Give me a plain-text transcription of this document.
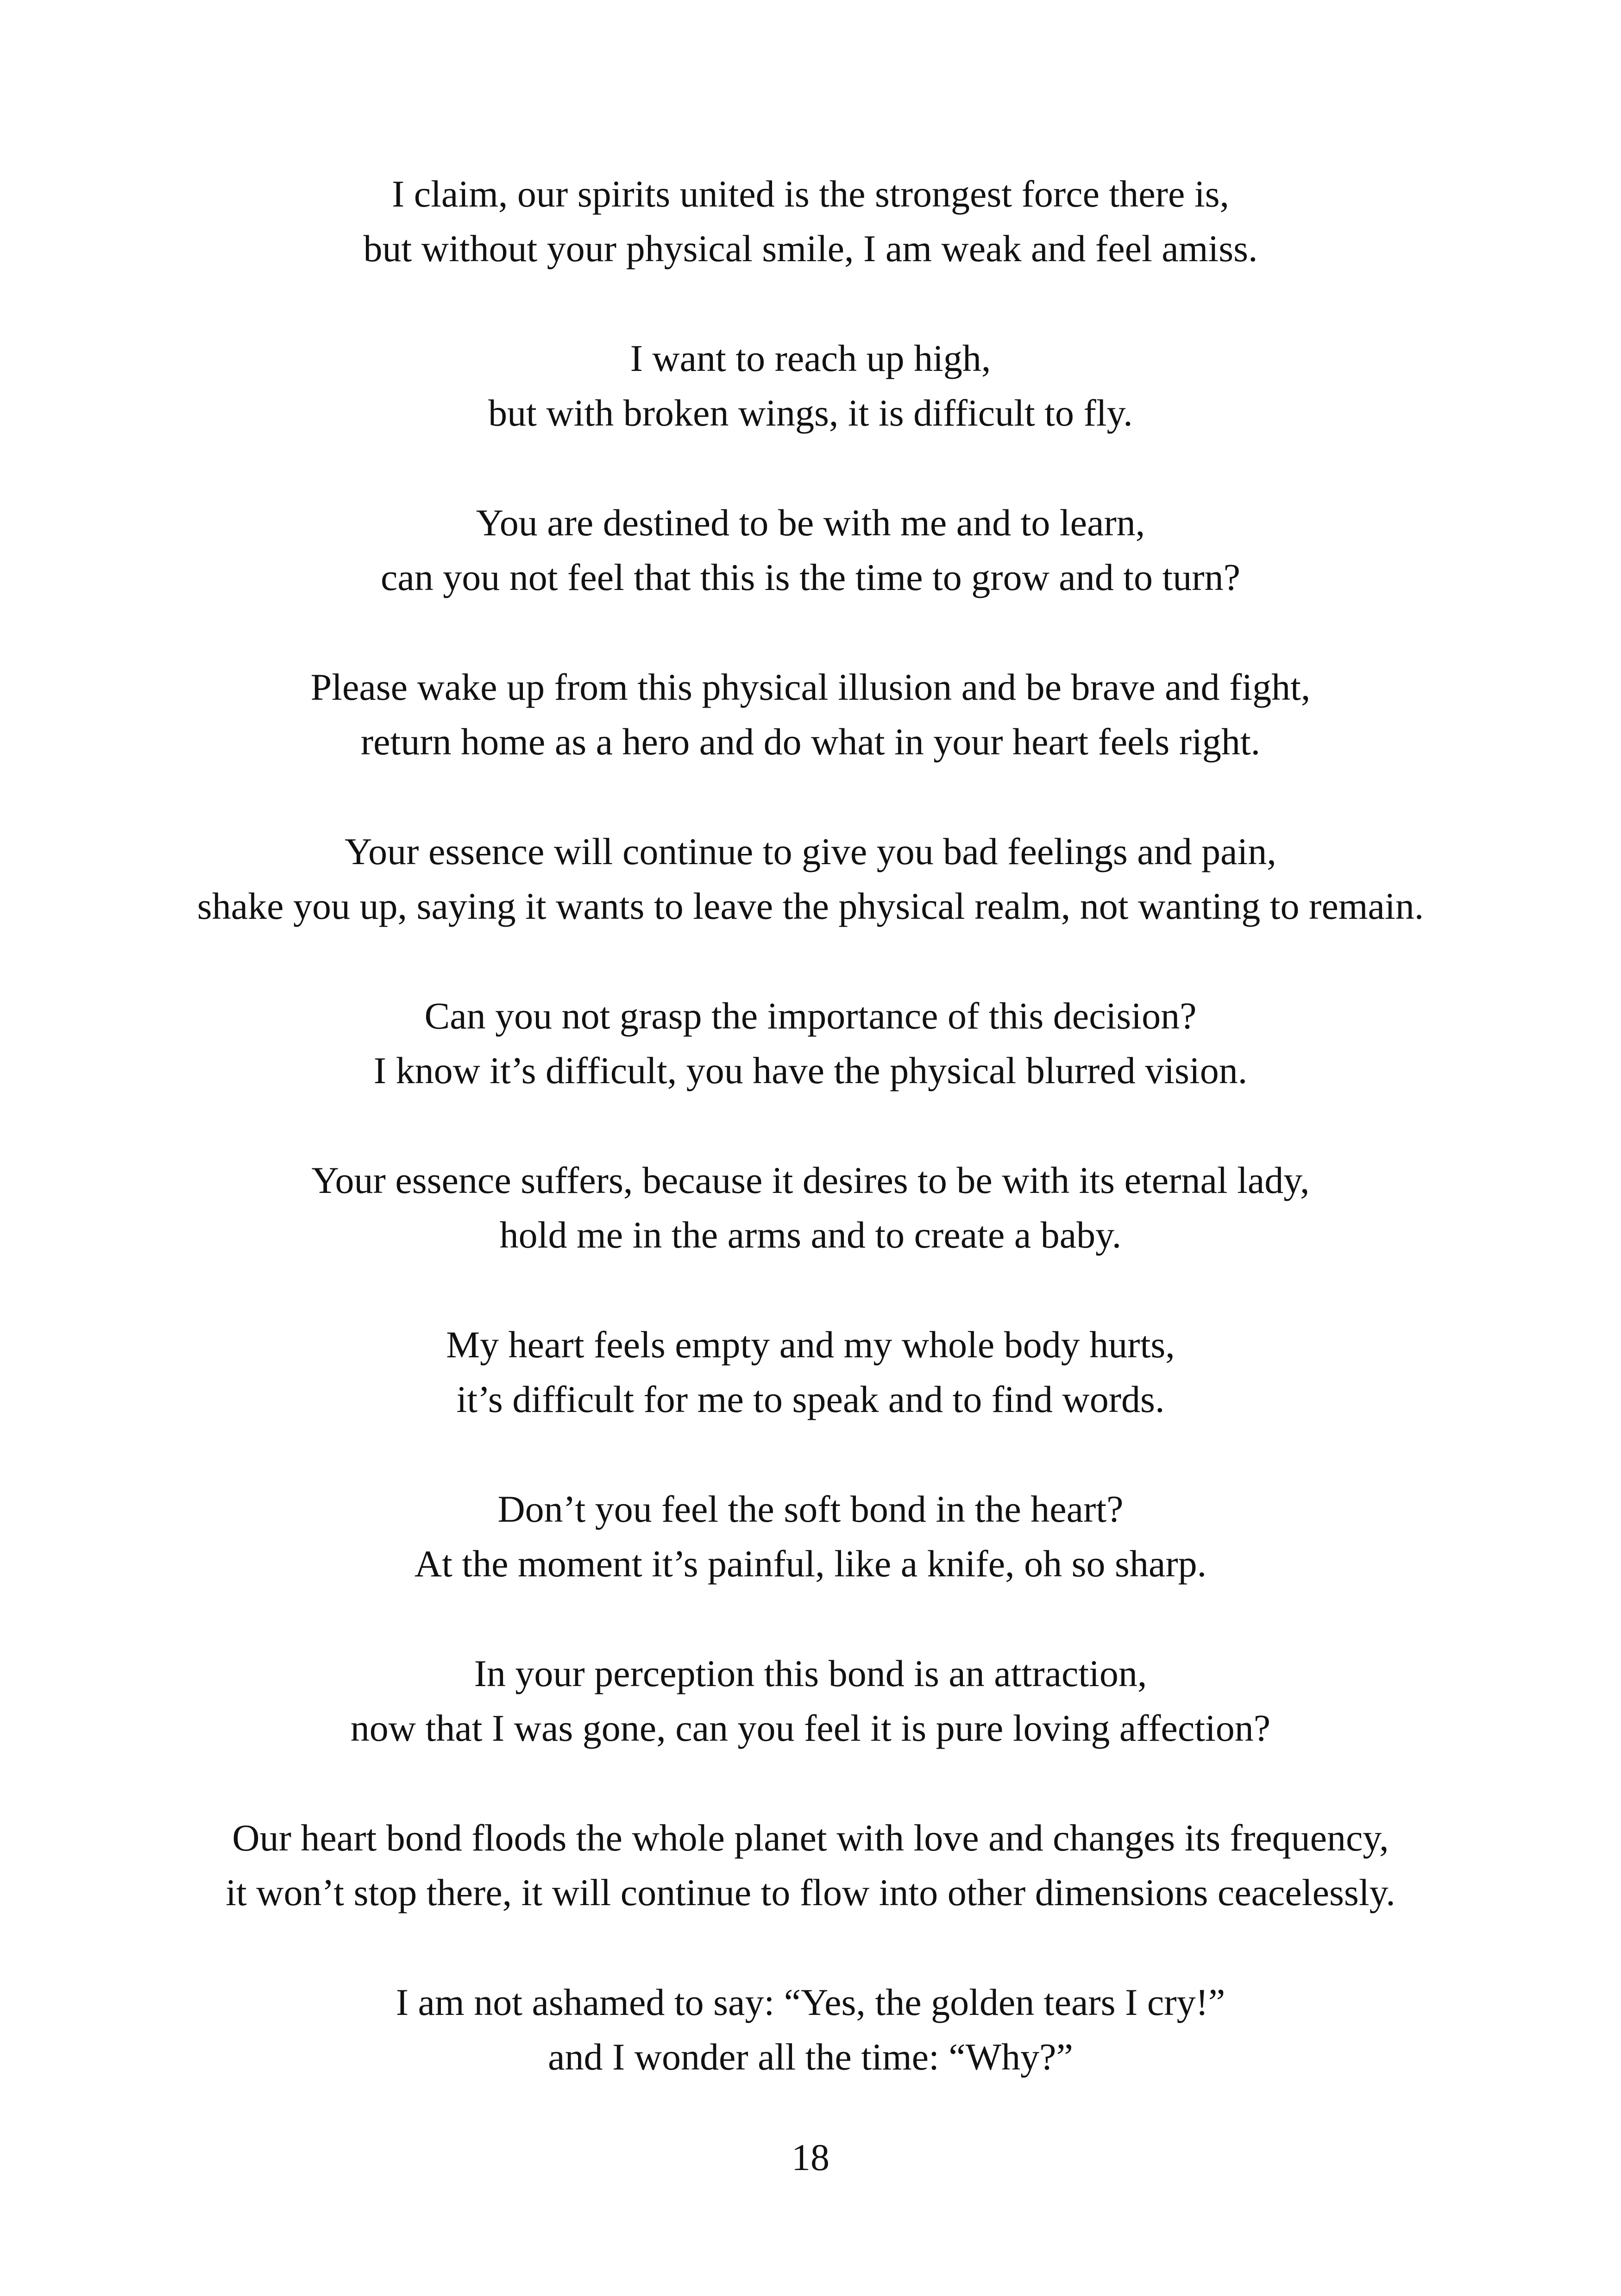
I claim, our spirits united is the strongest force there is,
but without your physical smile, I am weak and feel amiss.
I want to reach up high,
but with broken wings, it is difficult to fly.
You are destined to be with me and to learn,
can you not feel that this is the time to grow and to turn?
Please wake up from this physical illusion and be brave and fight,
return home as a hero and do what in your heart feels right.
Your essence will continue to give you bad feelings and pain,
shake you up, saying it wants to leave the physical realm, not wanting to remain.
Can you not grasp the importance of this decision?
I know it’s difficult, you have the physical blurred vision.
Your essence suffers, because it desires to be with its eternal lady,
hold me in the arms and to create a baby.
My heart feels empty and my whole body hurts,
it’s difficult for me to speak and to find words.
Don’t you feel the soft bond in the heart?
At the moment it’s painful, like a knife, oh so sharp.
In your perception this bond is an attraction,
now that I was gone, can you feel it is pure loving affection?
Our heart bond floods the whole planet with love and changes its frequency,
it won’t stop there, it will continue to flow into other dimensions ceacelessly.
I am not ashamed to say: “Yes, the golden tears I cry!”
and I wonder all the time: “Why?”
18
